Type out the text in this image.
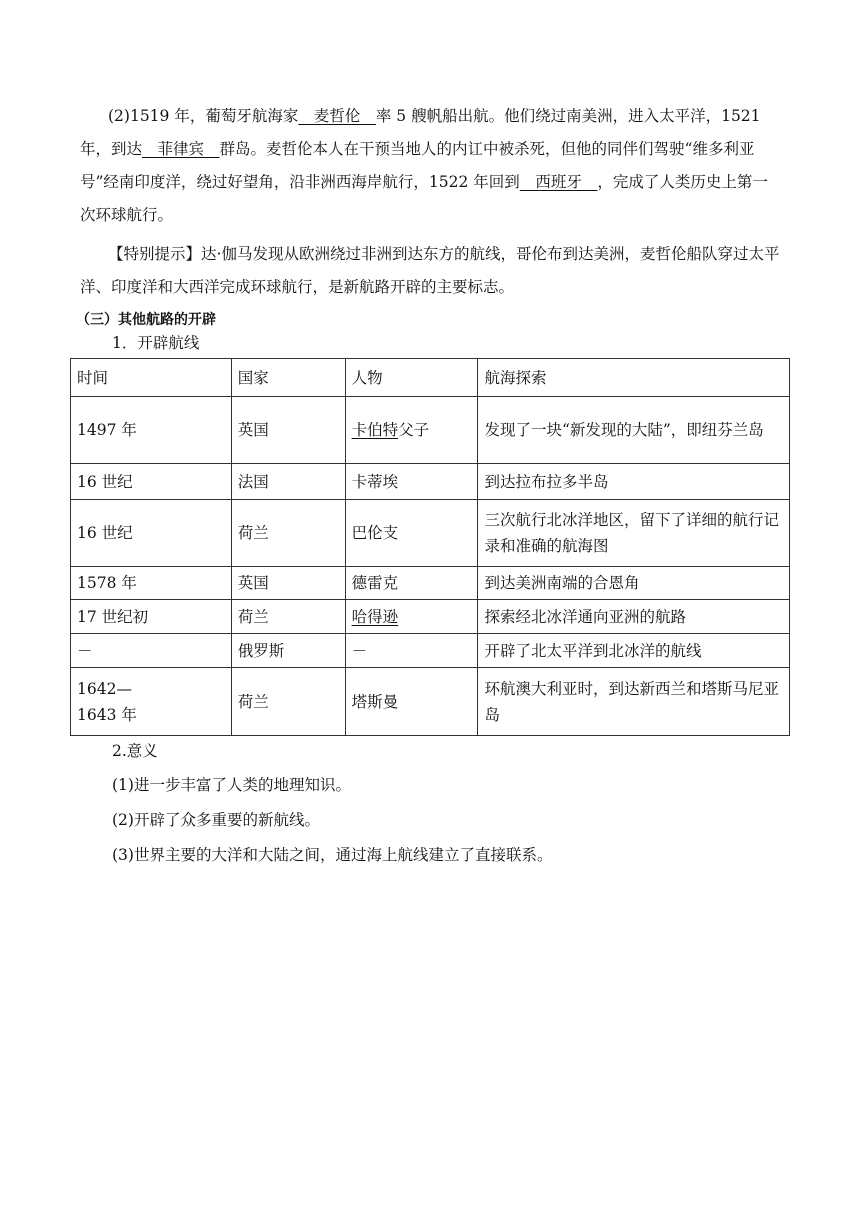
(2)1519 年，葡萄牙航海家__麦哲伦__率 5 艘帆船出航。他们绕过南美洲，进入太平洋，1521 年，到达__菲律宾__群岛。麦哲伦本人在干预当地人的内讧中被杀死，但他的同伴们驾驶“维多利亚号”经南印度洋，绕过好望角，沿非洲西海岸航行，1522 年回到__西班牙__，完成了人类历史上第一次环球航行。

【特别提示】达·伽马发现从欧洲绕过非洲到达东方的航线，哥伦布到达美洲，麦哲伦船队穿过太平洋、印度洋和大西洋完成环球航行，是新航路开辟的主要标志。

（三）其他航路的开辟
1．开辟航线
时间	国家	人物	航海探索
1497 年	英国	卡伯特父子	发现了一块“新发现的大陆”，即纽芬兰岛
16 世纪	法国	卡蒂埃	到达拉布拉多半岛
16 世纪	荷兰	巴伦支	三次航行北冰洋地区，留下了详细的航行记录和准确的航海图
1578 年	英国	德雷克	到达美洲南端的合恩角
17 世纪初	荷兰	哈得逊	探索经北冰洋通向亚洲的航路
－	俄罗斯	－	开辟了北太平洋到北冰洋的航线
1642—
1643 年	荷兰	塔斯曼	环航澳大利亚时，到达新西兰和塔斯马尼亚岛
2.意义
(1)进一步丰富了人类的地理知识。
(2)开辟了众多重要的新航线。
(3)世界主要的大洋和大陆之间，通过海上航线建立了直接联系。
